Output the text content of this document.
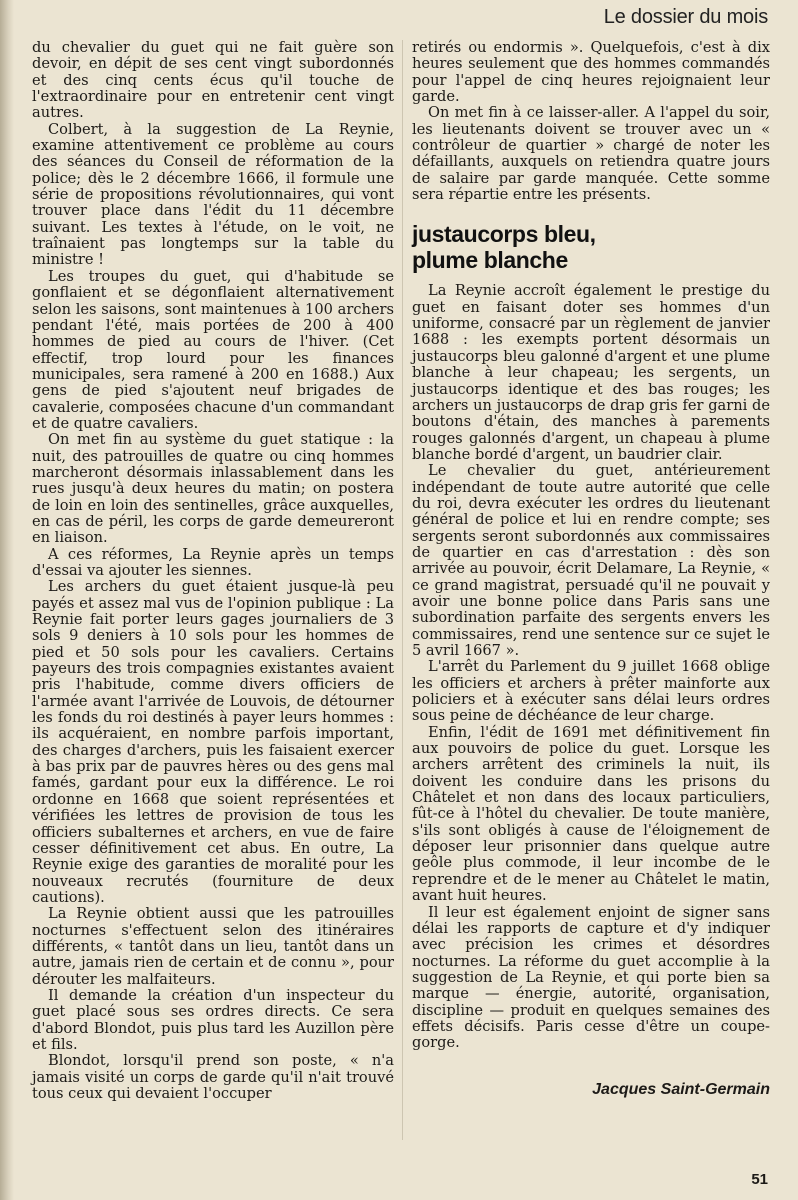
Le dossier du mois

du chevalier du guet qui ne fait guère son devoir, en dépit de ses cent vingt subordonnés et des cinq cents écus qu'il touche de l'extraordinaire pour en entretenir cent vingt autres.

Colbert, à la suggestion de La Reynie, examine attentivement ce problème au cours des séances du Conseil de réformation de la police; dès le 2 décembre 1666, il formule une série de propositions révolutionnaires, qui vont trouver place dans l'édit du 11 décembre suivant. Les textes à l'étude, on le voit, ne traînaient pas longtemps sur la table du ministre !

Les troupes du guet, qui d'habitude se gonflaient et se dégonflaient alternativement selon les saisons, sont maintenues à 100 archers pendant l'été, mais portées de 200 à 400 hommes de pied au cours de l'hiver. (Cet effectif, trop lourd pour les finances municipales, sera ramené à 200 en 1688.) Aux gens de pied s'ajoutent neuf brigades de cavalerie, composées chacune d'un commandant et de quatre cavaliers.

On met fin au système du guet statique : la nuit, des patrouilles de quatre ou cinq hommes marcheront désormais inlassablement dans les rues jusqu'à deux heures du matin; on postera de loin en loin des sentinelles, grâce auxquelles, en cas de péril, les corps de garde demeureront en liaison.

A ces réformes, La Reynie après un temps d'essai va ajouter les siennes.

Les archers du guet étaient jusque-là peu payés et assez mal vus de l'opinion publique : La Reynie fait porter leurs gages journaliers de 3 sols 9 deniers à 10 sols pour les hommes de pied et 50 sols pour les cavaliers. Certains payeurs des trois compagnies existantes avaient pris l'habitude, comme divers officiers de l'armée avant l'arrivée de Louvois, de détourner les fonds du roi destinés à payer leurs hommes : ils acquéraient, en nombre parfois important, des charges d'archers, puis les faisaient exercer à bas prix par de pauvres hères ou des gens mal famés, gardant pour eux la différence. Le roi ordonne en 1668 que soient représentées et vérifiées les lettres de provision de tous les officiers subalternes et archers, en vue de faire cesser définitivement cet abus. En outre, La Reynie exige des garanties de moralité pour les nouveaux recrutés (fourniture de deux cautions).

La Reynie obtient aussi que les patrouilles nocturnes s'effectuent selon des itinéraires différents, « tantôt dans un lieu, tantôt dans un autre, jamais rien de certain et de connu », pour dérouter les malfaiteurs.

Il demande la création d'un inspecteur du guet placé sous ses ordres directs. Ce sera d'abord Blondot, puis plus tard les Auzillon père et fils.

Blondot, lorsqu'il prend son poste, « n'a jamais visité un corps de garde qu'il n'ait trouvé tous ceux qui devaient l'occuper

retirés ou endormis ». Quelquefois, c'est à dix heures seulement que des hommes commandés pour l'appel de cinq heures rejoignaient leur garde.

On met fin à ce laisser-aller. A l'appel du soir, les lieutenants doivent se trouver avec un « contrôleur de quartier » chargé de noter les défaillants, auxquels on retiendra quatre jours de salaire par garde manquée. Cette somme sera répartie entre les présents.

justaucorps bleu,
plume blanche

La Reynie accroît également le prestige du guet en faisant doter ses hommes d'un uniforme, consacré par un règlement de janvier 1688 : les exempts portent désormais un justaucorps bleu galonné d'argent et une plume blanche à leur chapeau; les sergents, un justaucorps identique et des bas rouges; les archers un justaucorps de drap gris fer garni de boutons d'étain, des manches à parements rouges galonnés d'argent, un chapeau à plume blanche bordé d'argent, un baudrier clair.

Le chevalier du guet, antérieurement indépendant de toute autre autorité que celle du roi, devra exécuter les ordres du lieutenant général de police et lui en rendre compte; ses sergents seront subordonnés aux commissaires de quartier en cas d'arrestation : dès son arrivée au pouvoir, écrit Delamare, La Reynie, « ce grand magistrat, persuadé qu'il ne pouvait y avoir une bonne police dans Paris sans une subordination parfaite des sergents envers les commissaires, rend une sentence sur ce sujet le 5 avril 1667 ».

L'arrêt du Parlement du 9 juillet 1668 oblige les officiers et archers à prêter mainforte aux policiers et à exécuter sans délai leurs ordres sous peine de déchéance de leur charge.

Enfin, l'édit de 1691 met définitivement fin aux pouvoirs de police du guet. Lorsque les archers arrêtent des criminels la nuit, ils doivent les conduire dans les prisons du Châtelet et non dans des locaux particuliers, fût-ce à l'hôtel du chevalier. De toute manière, s'ils sont obligés à cause de l'éloignement de déposer leur prisonnier dans quelque autre geôle plus commode, il leur incombe de le reprendre et de le mener au Châtelet le matin, avant huit heures.

Il leur est également enjoint de signer sans délai les rapports de capture et d'y indiquer avec précision les crimes et désordres nocturnes. La réforme du guet accomplie à la suggestion de La Reynie, et qui porte bien sa marque — énergie, autorité, organisation, discipline — produit en quelques semaines des effets décisifs. Paris cesse d'être un coupe-gorge.

Jacques Saint-Germain
51
